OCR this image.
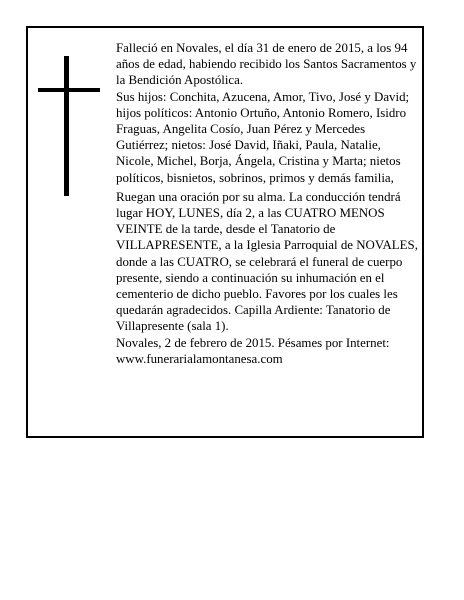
Falleció en Novales, el día 31 de enero de 2015, a los 94 años de edad, habiendo recibido los Santos Sacramentos y la Bendición Apostólica.

Sus hijos: Conchita, Azucena, Amor, Tivo, José y David; hijos políticos: Antonio Ortuño, Antonio Romero, Isidro Fraguas, Angelita Cosío, Juan Pérez y Mercedes Gutiérrez; nietos: José David, Iñaki, Paula, Natalie, Nicole, Michel, Borja, Ángela, Cristina y Marta; nietos políticos, bisnietos, sobrinos, primos y demás familia,

Ruegan una oración por su alma. La conducción tendrá lugar HOY, LUNES, día 2, a las CUATRO MENOS VEINTE de la tarde, desde el Tanatorio de VILLAPRESENTE, a la Iglesia Parroquial de NOVALES, donde a las CUATRO, se celebrará el funeral de cuerpo presente, siendo a continuación su inhumación en el cementerio de dicho pueblo. Favores por los cuales les quedarán agradecidos. Capilla Ardiente: Tanatorio de Villapresente (sala 1).

Novales, 2 de febrero de 2015. Pésames por Internet: www.funerarialamontanesa.com
